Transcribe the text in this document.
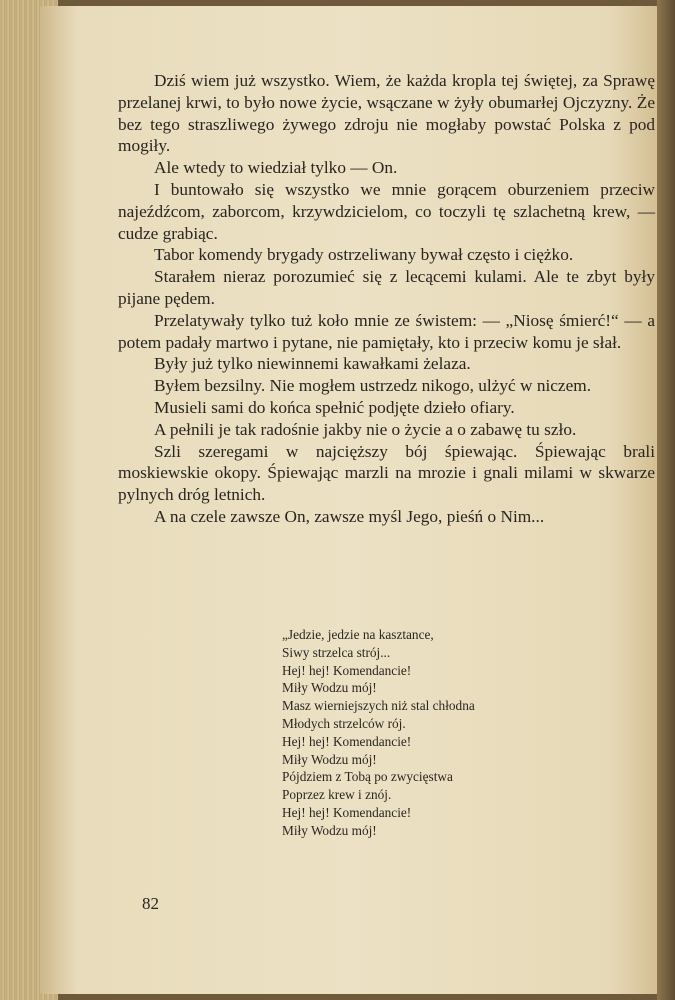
Dziś wiem już wszystko. Wiem, że każda kropla tej świętej, za Sprawę przelanej krwi, to było nowe życie, wsączane w żyły obumarłej Ojczyzny. Że bez tego straszliwego żywego zdroju nie mogłaby powstać Polska z pod mogiły.

Ale wtedy to wiedział tylko — On.

I buntowało się wszystko we mnie gorącem oburzeniem przeciw najeźdźcom, zaborcom, krzywdzicielom, co toczyli tę szlachetną krew, — cudze grabiąc.

Tabor komendy brygady ostrzeliwany bywał często i ciężko.

Starałem nieraz porozumieć się z lecącemi kulami. Ale te zbyt były pijane pędem.

Przelatywały tylko tuż koło mnie ze świstem: — „Niosę śmierć!“ — a potem padały martwo i pytane, nie pamiętały, kto i przeciw komu je słał.

Były już tylko niewinnemi kawałkami żelaza.

Byłem bezsilny. Nie mogłem ustrzedz nikogo, ulżyć w niczem.

Musieli sami do końca spełnić podjęte dzieło ofiary.

A pełnili je tak radośnie jakby nie o życie a o zabawę tu szło.

Szli szeregami w najcięższy bój śpiewając. Śpiewając brali moskiewskie okopy. Śpiewając marzli na mrozie i gnali milami w skwarze pylnych dróg letnich.

A na czele zawsze On, zawsze myśl Jego, pieśń o Nim...

„Jedzie, jedzie na kasztance,
Siwy strzelca strój...
Hej! hej! Komendancie!
Miły Wodzu mój!
Masz wierniejszych niż stal chłodna
Młodych strzelców rój.
Hej! hej! Komendancie!
Miły Wodzu mój!
Pójdziem z Tobą po zwycięstwa
Poprzez krew i znój.
Hej! hej! Komendancie!
Miły Wodzu mój!
82
